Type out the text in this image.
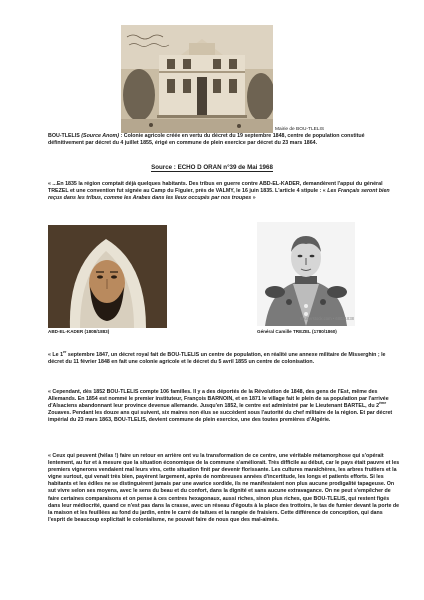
Mairie de BOU-TLELIS
BOU-TLELIS (Source Anom) : Colonie agricole créée en vertu du décret du 19 septembre 1848, centre de population constitué définitivement par décret du 4 juillet 1855, érigé en commune de plein exercice par décret du 23 mars 1864.
Source : ECHO D ORAN n°39 de Mai 1968
« ...En 1835 la région comptait déjà quelques habitants. Des tribus en guerre contre ABD-EL-KADER, demandèrent l'appui du général TREZEL et une convention fut signée au Camp du Figuier, près de VALMY, le 16 juin 1835. L'article 4 stipule : « Les Français seront bien reçus dans les tribus, comme les Arabes dans les lieux occupés par nos troupes »
shutterstock.com • 68031838
ABD-EL-KADER (1808/1883)	Général Camille TREZEL (1780/1860)
« Le 1er septembre 1847, un décret royal fait de BOU-TLELIS un centre de population, en réalité une annexe militaire de Misserghin ; le décret du 11 février 1848 en fait une colonie agricole et le décret du 5 avril 1855 un centre de colonisation.
« Cependant, dès 1852 BOU-TLELIS compte 106 familles. Il y a des déportés de la Révolution de 1848, des gens de l'Est, même des Allemands. En 1854 est nommé le premier instituteur, François BARNOIN, et en 1871 le village fait le plein de sa population par l'arrivée d'Alsaciens abandonnant leur province devenue allemande. Jusqu'en 1852, le centre est administré par le Lieutenant BARTEL, du 2ème Zouaves. Pendant les douze ans qui suivent, six maires non élus se succèdent sous l'autorité du chef militaire de la région. Et par décret impérial du 23 mars 1863, BOU-TLELIS, devient commune de plein exercice, une des toutes premières d'Algérie.
« Ceux qui peuvent (hélas !) faire un retour en arrière ont vu la transformation de ce centre, une véritable métamorphose qui s'opérait lentement, au fur et à mesure que la situation économique de la commune s'améliorait. Très difficile au début, car le pays était pauvre et les premiers vignerons vendaient mal leurs vins, cette situation finit par devenir florissante. Les cultures maraîchères, les arbres fruitiers et la vigne surtout, qui venait très bien, payèrent largement, après de nombreuses années d'incertitude, les longs et patients efforts. Si les habitants et les édiles ne se distinguèrent jamais par une avarice sordide, ils ne manifestaient non plus aucune prodigalité tapageuse. On sut vivre selon ses moyens, avec le sens du beau et du confort, dans la dignité et sans aucune extravagance. On ne peut s'empêcher de faire certaines comparaisons et on pense à ces centres hexagonaux, aussi riches, sinon plus riches, que BOU-TLELIS, qui restent figés dans leur médiocrité, quand ce n'est pas dans la crasse, avec un réseau d'égouts à la place des trottoirs, le tas de fumier devant la porte de la maison et les feuillées au fond du jardin, entre le carré de taitues et la rangée de fraisiers. Cette différence de conception, qui dans l'esprit de beaucoup explicitait le colonialisme, ne pouvait faire de nous que des mal-aimés.
